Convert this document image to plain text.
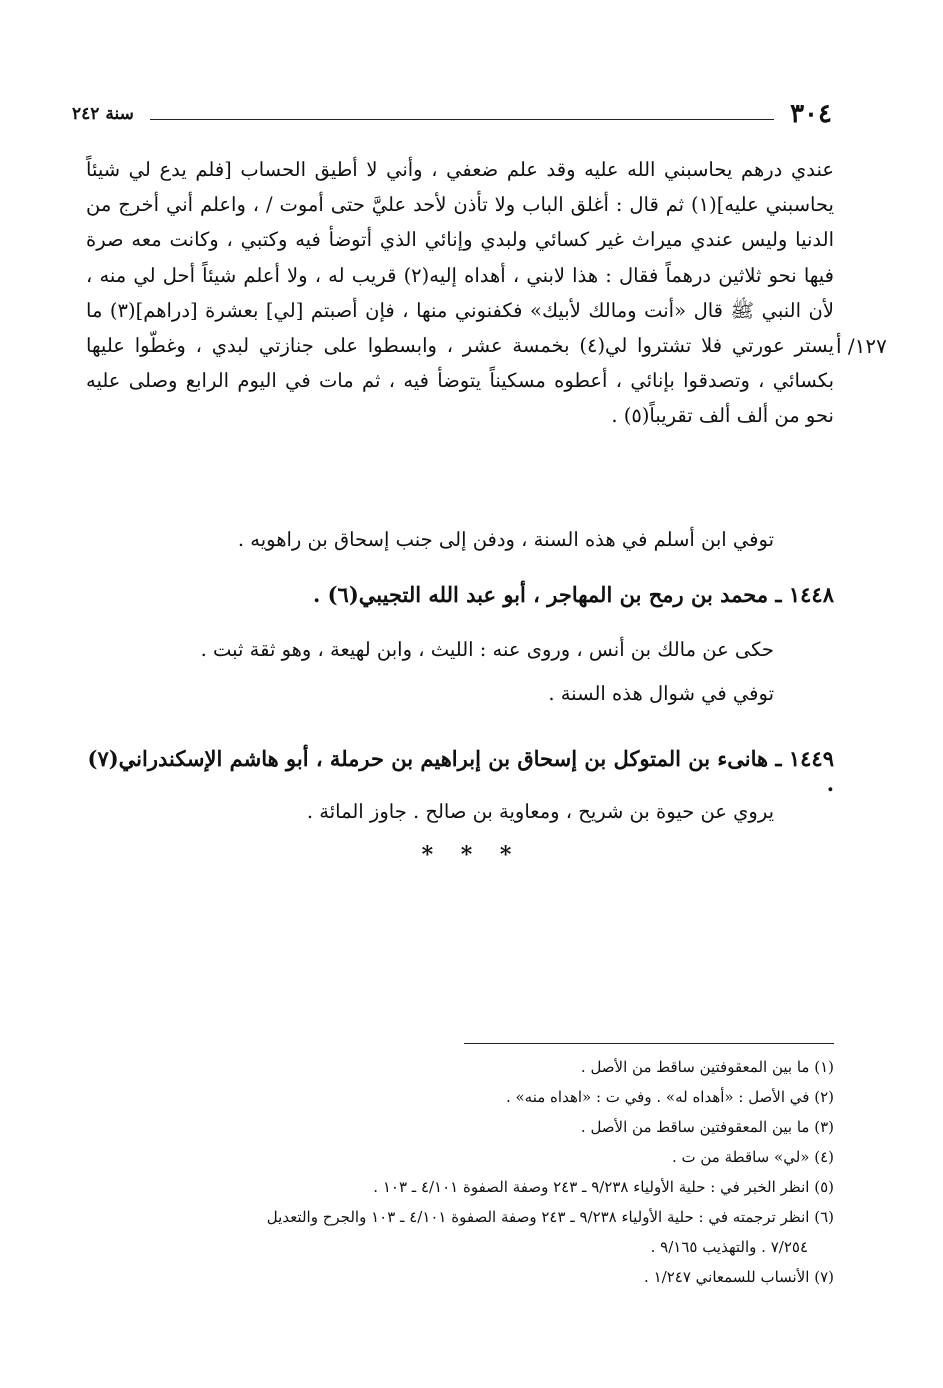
٣٠٤
سنة ٢٤٢
عندي درهم يحاسبني الله عليه وقد علم ضعفي ، وأني لا أطيق الحساب [فلم يدع لي شيئاً يحاسبني عليه](١) ثم قال : أغلق الباب ولا تأذن لأحد عليَّ حتى أموت / ، واعلم أني أخرج من الدنيا وليس عندي ميراث غير كسائي ولبدي وإنائي الذي أتوضأ فيه وكتبي ، وكانت معه صرة فيها نحو ثلاثين درهماً فقال : هذا لابني ، أهداه إليه(٢) قريب له ، ولا أعلم شيئاً أحل لي منه ، لأن النبي ﷺ قال «أنت ومالك لأبيك» فكفنوني منها ، فإن أصبتم [لي] بعشرة [دراهم](٣) ما يستر عورتي فلا تشتروا لي(٤) بخمسة عشر ، وابسطوا على جنازتي لبدي ، وغطّوا عليها بكسائي ، وتصدقوا بإنائي ، أعطوه مسكيناً يتوضأ فيه ، ثم مات في اليوم الرابع وصلى عليه نحو من ألف ألف تقريباً(٥) .
١٢٧/ أ
توفي ابن أسلم في هذه السنة ، ودفن إلى جنب إسحاق بن راهويه .
١٤٤٨ ـ محمد بن رمح بن المهاجر ، أبو عبد الله التجيبي(٦) .
حكى عن مالك بن أنس ، وروى عنه : الليث ، وابن لهيعة ، وهو ثقة ثبت .
توفي في شوال هذه السنة .
١٤٤٩ ـ هانىء بن المتوكل بن إسحاق بن إبراهيم بن حرملة ، أبو هاشم الإسكندراني(٧) .
يروي عن حيوة بن شريح ، ومعاوية بن صالح . جاوز المائة .
* * *
(١) ما بين المعقوفتين ساقط من الأصل .
(٢) في الأصل : «أهداه له» . وفي ت : «اهداه منه» .
(٣) ما بين المعقوفتين ساقط من الأصل .
(٤) «لي» ساقطة من ت .
(٥) انظر الخبر في : حلية الأولياء ٩/٢٣٨ ـ ٢٤٣ وصفة الصفوة ٤/١٠١ ـ ١٠٣ .
(٦) انظر ترجمته في : حلية الأولياء ٩/٢٣٨ ـ ٢٤٣ وصفة الصفوة ٤/١٠١ ـ ١٠٣ والجرح والتعديل
٧/٢٥٤ . والتهذيب ٩/١٦٥ .
(٧) الأنساب للسمعاني ١/٢٤٧ .
